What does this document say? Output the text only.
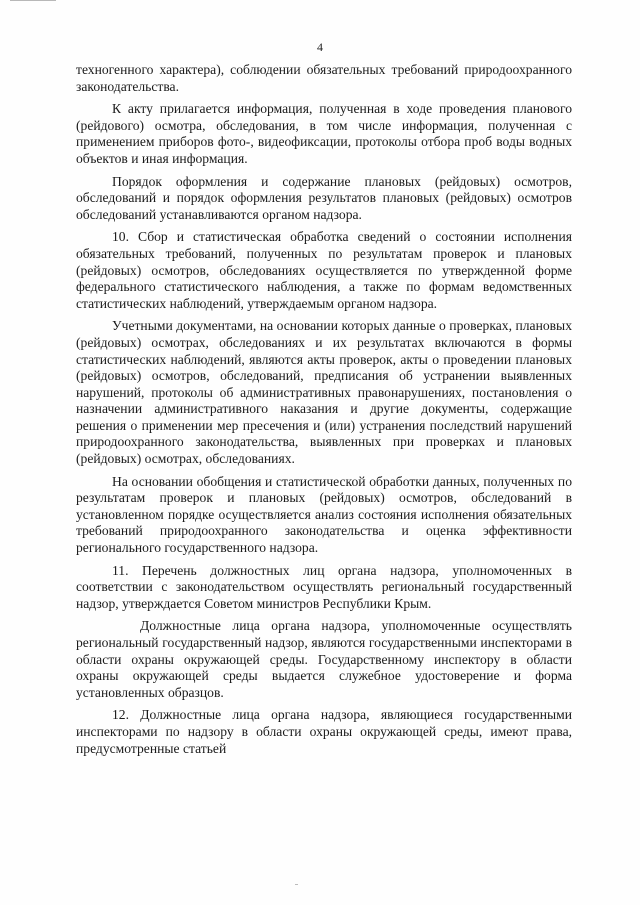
4

техногенного характера), соблюдении обязательных требований природоохранного законодательства.

К акту прилагается информация, полученная в ходе проведения планового (рейдового) осмотра, обследования, в том числе информация, полученная с применением приборов фото-, видеофиксации, протоколы отбора проб воды водных объектов и иная информация.

Порядок оформления и содержание плановых (рейдовых) осмотров, обследований и порядок оформления результатов плановых (рейдовых) осмотров обследований устанавливаются органом надзора.

10. Сбор и статистическая обработка сведений о состоянии исполнения обязательных требований, полученных по результатам проверок и плановых (рейдовых) осмотров, обследованиях осуществляется по утвержденной форме федерального статистического наблюдения, а также по формам ведомственных статистических наблюдений, утверждаемым органом надзора.

Учетными документами, на основании которых данные о проверках, плановых (рейдовых) осмотрах, обследованиях и их результатах включаются в формы статистических наблюдений, являются акты проверок, акты о проведении плановых (рейдовых) осмотров, обследований, предписания об устранении выявленных нарушений, протоколы об административных правонарушениях, постановления о назначении административного наказания и другие документы, содержащие решения о применении мер пресечения и (или) устранения последствий нарушений природоохранного законодательства, выявленных при проверках и плановых (рейдовых) осмотрах, обследованиях.

На основании обобщения и статистической обработки данных, полученных по результатам проверок и плановых (рейдовых) осмотров, обследований в установленном порядке осуществляется анализ состояния исполнения обязательных требований природоохранного законодательства и оценка эффективности регионального государственного надзора.

11. Перечень должностных лиц органа надзора, уполномоченных в соответствии с законодательством осуществлять региональный государственный надзор, утверждается Советом министров Республики Крым.

Должностные лица органа надзора, уполномоченные осуществлять региональный государственный надзор, являются государственными инспекторами в области охраны окружающей среды. Государственному инспектору в области охраны окружающей среды выдается служебное удостоверение и форма установленных образцов.

12. Должностные лица органа надзора, являющиеся государственными инспекторами по надзору в области охраны окружающей среды, имеют права, предусмотренные статьей
